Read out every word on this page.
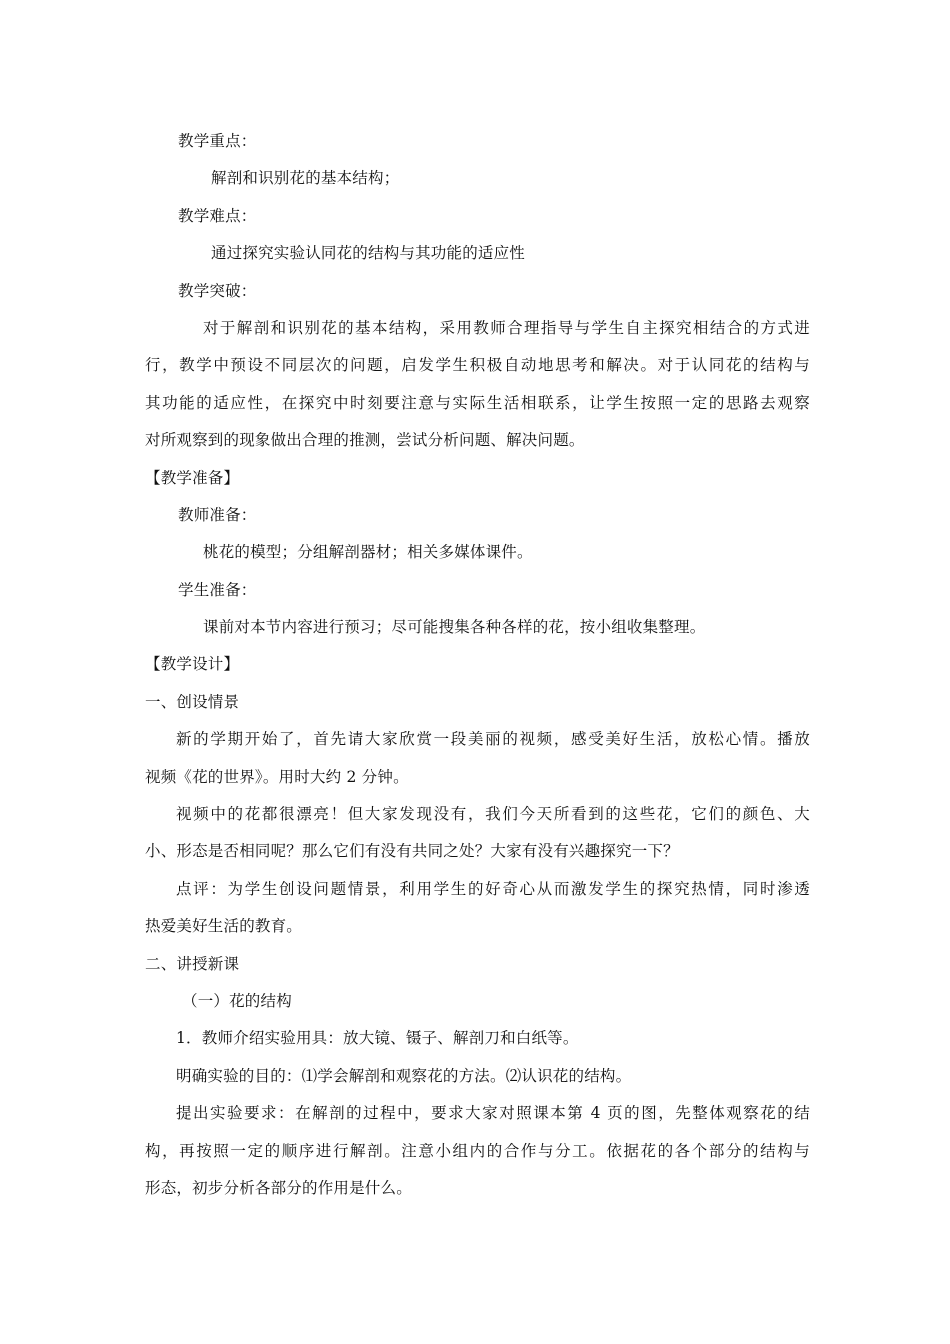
教学重点：
解剖和识别花的基本结构；
教学难点：
通过探究实验认同花的结构与其功能的适应性
教学突破：
对于解剖和识别花的基本结构，采用教师合理指导与学生自主探究相结合的方式进
行，教学中预设不同层次的问题，启发学生积极自动地思考和解决。对于认同花的结构与
其功能的适应性，在探究中时刻要注意与实际生活相联系，让学生按照一定的思路去观察
对所观察到的现象做出合理的推测，尝试分析问题、解决问题。
【教学准备】
教师准备：
桃花的模型；分组解剖器材；相关多媒体课件。
学生准备：
课前对本节内容进行预习；尽可能搜集各种各样的花，按小组收集整理。
【教学设计】
一、创设情景
新的学期开始了，首先请大家欣赏一段美丽的视频，感受美好生活，放松心情。播放
视频《花的世界》。用时大约 2 分钟。
视频中的花都很漂亮！但大家发现没有，我们今天所看到的这些花，它们的颜色、大
小、形态是否相同呢？那么它们有没有共同之处？大家有没有兴趣探究一下？
点评：为学生创设问题情景，利用学生的好奇心从而激发学生的探究热情，同时渗透
热爱美好生活的教育。
二、讲授新课
（一）花的结构
1．教师介绍实验用具：放大镜、镊子、解剖刀和白纸等。
明确实验的目的：⑴学会解剖和观察花的方法。⑵认识花的结构。
提出实验要求：在解剖的过程中，要求大家对照课本第 4 页的图，先整体观察花的结
构，再按照一定的顺序进行解剖。注意小组内的合作与分工。依据花的各个部分的结构与
形态，初步分析各部分的作用是什么。
